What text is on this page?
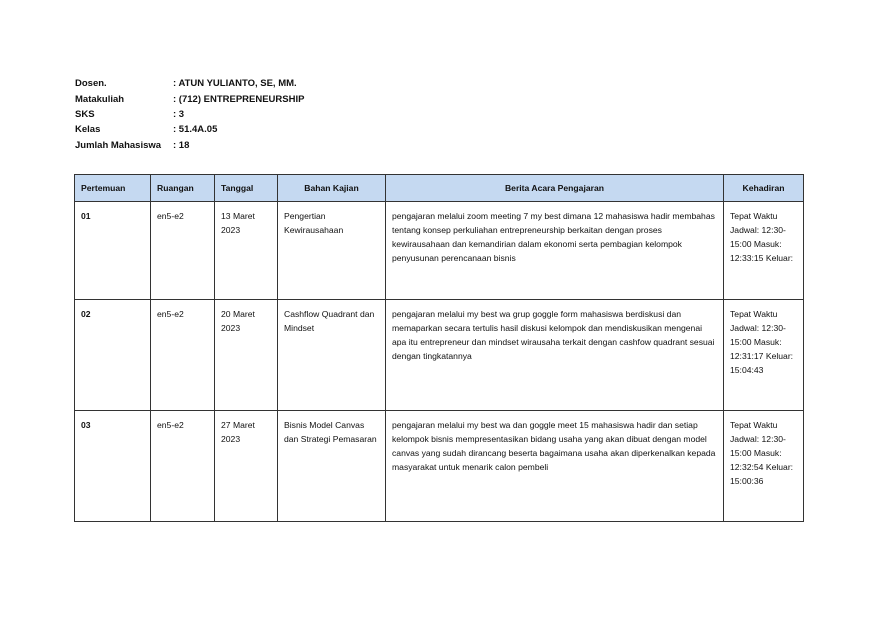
Dosen.	: ATUN YULIANTO, SE, MM.
Matakuliah	: (712) ENTREPRENEURSHIP
SKS	: 3
Kelas	: 51.4A.05
Jumlah Mahasiswa	: 18
Pertemuan	Ruangan	Tanggal	Bahan Kajian	Berita Acara Pengajaran	Kehadiran
01	en5-e2	13 Maret 2023	Pengertian Kewirausahaan	pengajaran melalui zoom meeting 7 my best dimana 12 mahasiswa hadir membahas tentang konsep perkuliahan entrepreneurship berkaitan dengan proses kewirausahaan dan kemandirian dalam ekonomi serta pembagian kelompok penyusunan perencanaan bisnis	Tepat Waktu Jadwal: 12:30-15:00 Masuk: 12:33:15 Keluar:
02	en5-e2	20 Maret 2023	Cashflow Quadrant dan Mindset	pengajaran melalui my best wa grup goggle form mahasiswa berdiskusi dan memaparkan secara tertulis hasil diskusi kelompok dan mendiskusikan mengenai apa itu entrepreneur dan mindset wirausaha terkait dengan cashfow quadrant sesuai dengan tingkatannya	Tepat Waktu Jadwal: 12:30-15:00 Masuk: 12:31:17 Keluar: 15:04:43
03	en5-e2	27 Maret 2023	Bisnis Model Canvas dan Strategi Pemasaran	pengajaran melalui my best wa dan goggle meet 15 mahasiswa hadir dan setiap kelompok bisnis mempresentasikan bidang usaha yang akan dibuat dengan model canvas yang sudah dirancang beserta bagaimana usaha akan diperkenalkan kepada masyarakat untuk menarik calon pembeli	Tepat Waktu Jadwal: 12:30-15:00 Masuk: 12:32:54 Keluar: 15:00:36
